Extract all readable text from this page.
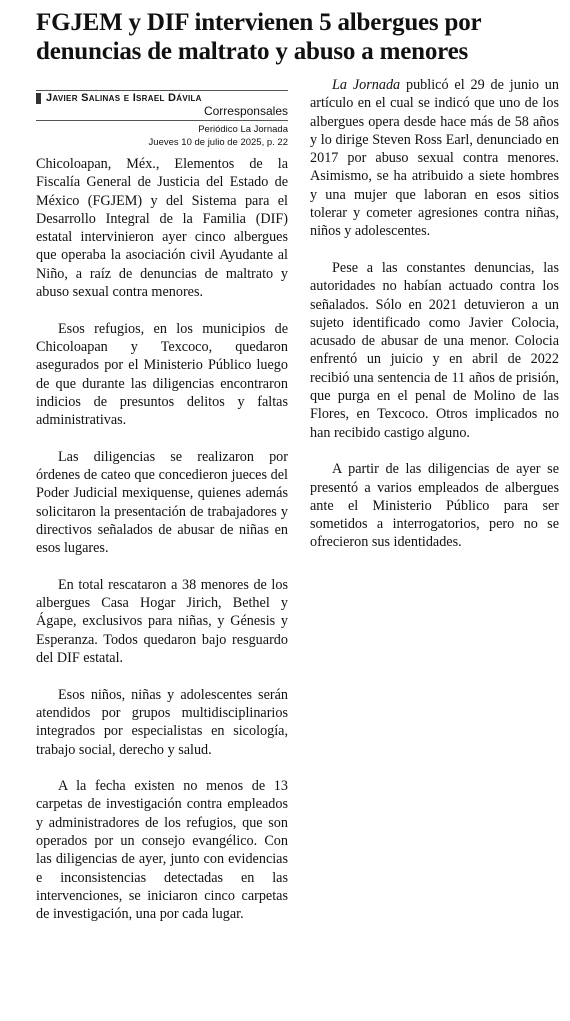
FGJEM y DIF intervienen 5 albergues por denuncias de maltrato y abuso a menores
Javier Salinas e Israel Dávila
Corresponsales
Periódico La Jornada
Jueves 10 de julio de 2025, p. 22

Chicoloapan, Méx., Elementos de la Fiscalía General de Justicia del Estado de México (FGJEM) y del Sistema para el Desarrollo Integral de la Familia (DIF) estatal intervinieron ayer cinco albergues que operaba la asociación civil Ayudante al Niño, a raíz de denuncias de maltrato y abuso sexual contra menores.

Esos refugios, en los municipios de Chicoloapan y Texcoco, quedaron asegurados por el Ministerio Público luego de que durante las diligencias encontraron indicios de presuntos delitos y faltas administrativas.

Las diligencias se realizaron por órdenes de cateo que concedieron jueces del Poder Judicial mexiquense, quienes además solicitaron la presentación de trabajadores y directivos señalados de abusar de niñas en esos lugares.

En total rescataron a 38 menores de los albergues Casa Hogar Jirich, Bethel y Ágape, exclusivos para niñas, y Génesis y Esperanza. Todos quedaron bajo resguardo del DIF estatal.

Esos niños, niñas y adolescentes serán atendidos por grupos multidisciplinarios integrados por especialistas en sicología, trabajo social, derecho y salud.

A la fecha existen no menos de 13 carpetas de investigación contra empleados y administradores de los refugios, que son operados por un consejo evangélico. Con las diligencias de ayer, junto con evidencias e inconsistencias detectadas en las intervenciones, se iniciaron cinco carpetas de investigación, una por cada lugar.

La Jornada publicó el 29 de junio un artículo en el cual se indicó que uno de los albergues opera desde hace más de 58 años y lo dirige Steven Ross Earl, denunciado en 2017 por abuso sexual contra menores. Asimismo, se ha atribuido a siete hombres y una mujer que laboran en esos sitios tolerar y cometer agresiones contra niñas, niños y adolescentes.

Pese a las constantes denuncias, las autoridades no habían actuado contra los señalados. Sólo en 2021 detuvieron a un sujeto identificado como Javier Colocia, acusado de abusar de una menor. Colocia enfrentó un juicio y en abril de 2022 recibió una sentencia de 11 años de prisión, que purga en el penal de Molino de las Flores, en Texcoco. Otros implicados no han recibido castigo alguno.

A partir de las diligencias de ayer se presentó a varios empleados de albergues ante el Ministerio Público para ser sometidos a interrogatorios, pero no se ofrecieron sus identidades.
